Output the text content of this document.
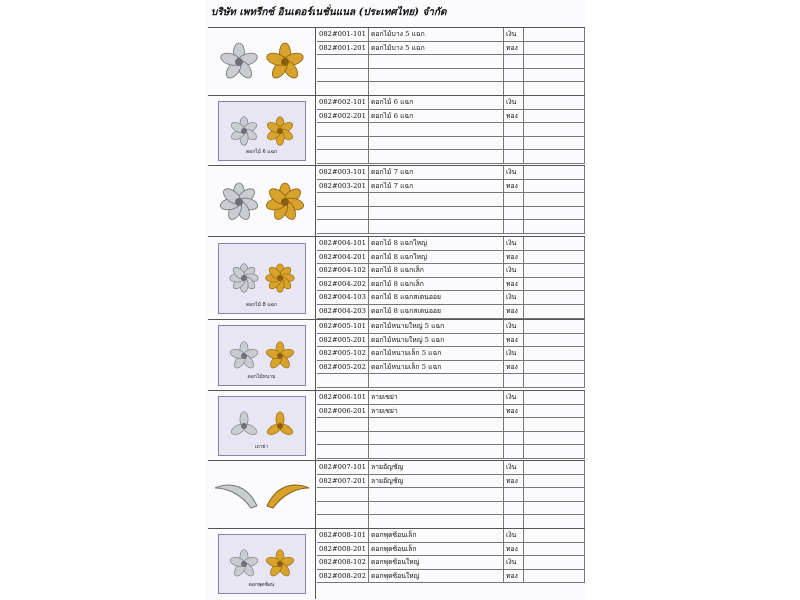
บริษัท เพทรีกซ์ อินเดอร์เนชั่นแนล (ประเทศไทย) จำกัด
082#001-101 ดอกไม้บาง 5 แฉก	เงิน
082#001-201 ดอกไม้บาง 5 แฉก	ทอง
ดอกไม้ 6 แฉก
082#002-101 ดอกไม้ 6 แฉก	เงิน
082#002-201 ดอกไม้ 6 แฉก	ทอง
082#003-101 ดอกไม้ 7 แฉก	เงิน
082#003-201 ดอกไม้ 7 แฉก	ทอง
ดอกไม้ 8 แฉก
082#004-101 ดอกไม้ 8 แฉกใหญ่	เงิน
082#004-201 ดอกไม้ 8 แฉกใหญ่	ทอง
082#004-102 ดอกไม้ 8 แฉกเล็ก	เงิน
082#004-202 ดอกไม้ 8 แฉกเล็ก	ทอง
082#004-103 ดอกไม้ 8 แฉกสเตนออย	เงิน
082#004-203 ดอกไม้ 8 แฉกสเตนออย	ทอง
ดอกไม้หนาม
082#005-101 ดอกไม้หนามใหญ่ 5 แฉก	เงิน
082#005-201 ดอกไม้หนามใหญ่ 5 แฉก	ทอง
082#005-102 ดอกไม้หนามเล็ก 5 แฉก	เงิน
082#005-202 ดอกไม้หนามเล็ก 5 แฉก	ทอง
เถาย่า
082#006-101 ลายเซย่า	เงิน
082#006-201 ลายเซย่า	ทอง
082#007-101 ลายอัญชัญ	เงิน
082#007-201 ลายอัญชัญ	ทอง
ดอกพุดซ้อน
082#008-101 ดอกพุดซ้อนเล็ก	เงิน
082#008-201 ดอกพุดซ้อนเล็ก	ทอง
082#008-102 ดอกพุดซ้อนใหญ่	เงิน
082#008-202 ดอกพุดซ้อนใหญ่	ทอง
